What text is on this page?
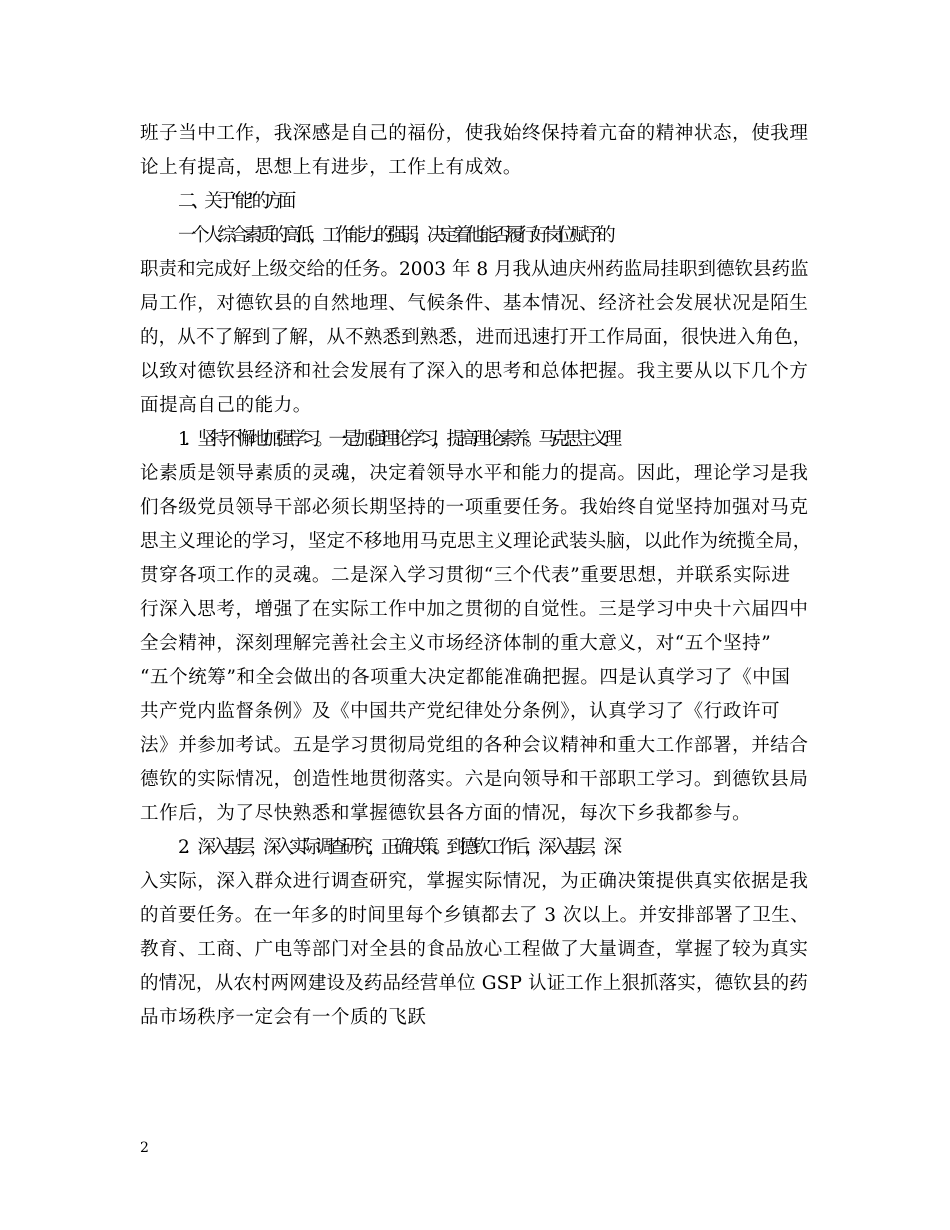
班子当中工作，我深感是自己的福份，使我始终保持着亢奋的精神状态，使我理
论上有提高，思想上有进步，工作上有成效。
二、关于“能”的方面
一个人综合素质的高低，工作能力的强弱，决定着他能否履行好岗位赋予的
职责和完成好上级交给的任务。2003 年 8 月我从迪庆州药监局挂职到德钦县药监
局工作，对德钦县的自然地理、气候条件、基本情况、经济社会发展状况是陌生
的，从不了解到了解，从不熟悉到熟悉，进而迅速打开工作局面，很快进入角色，
以致对德钦县经济和社会发展有了深入的思考和总体把握。我主要从以下几个方
面提高自己的能力。
1．坚持不懈地加强学习。一是加强理论学习，提高理论素养。马克思主义理
论素质是领导素质的灵魂，决定着领导水平和能力的提高。因此，理论学习是我
们各级党员领导干部必须长期坚持的一项重要任务。我始终自觉坚持加强对马克
思主义理论的学习，坚定不移地用马克思主义理论武装头脑，以此作为统揽全局，
贯穿各项工作的灵魂。二是深入学习贯彻“三个代表”重要思想，并联系实际进
行深入思考，增强了在实际工作中加之贯彻的自觉性。三是学习中央十六届四中
全会精神，深刻理解完善社会主义市场经济体制的重大意义，对“五个坚持”
“五个统筹”和全会做出的各项重大决定都能准确把握。四是认真学习了《中国
共产党内监督条例》及《中国共产党纪律处分条例》，认真学习了《行政许可
法》并参加考试。五是学习贯彻局党组的各种会议精神和重大工作部署，并结合
德钦的实际情况，创造性地贯彻落实。六是向领导和干部职工学习。到德钦县局
工作后，为了尽快熟悉和掌握德钦县各方面的情况，每次下乡我都参与。
2．深入基层，深入实际调查研究，正确决策。到德钦工作后，深入基层，深
入实际，深入群众进行调查研究，掌握实际情况，为正确决策提供真实依据是我
的首要任务。在一年多的时间里每个乡镇都去了 3 次以上。并安排部署了卫生、
教育、工商、广电等部门对全县的食品放心工程做了大量调查，掌握了较为真实
的情况，从农村两网建设及药品经营单位 GSP 认证工作上狠抓落实，德钦县的药
品市场秩序一定会有一个质的飞跃
2
